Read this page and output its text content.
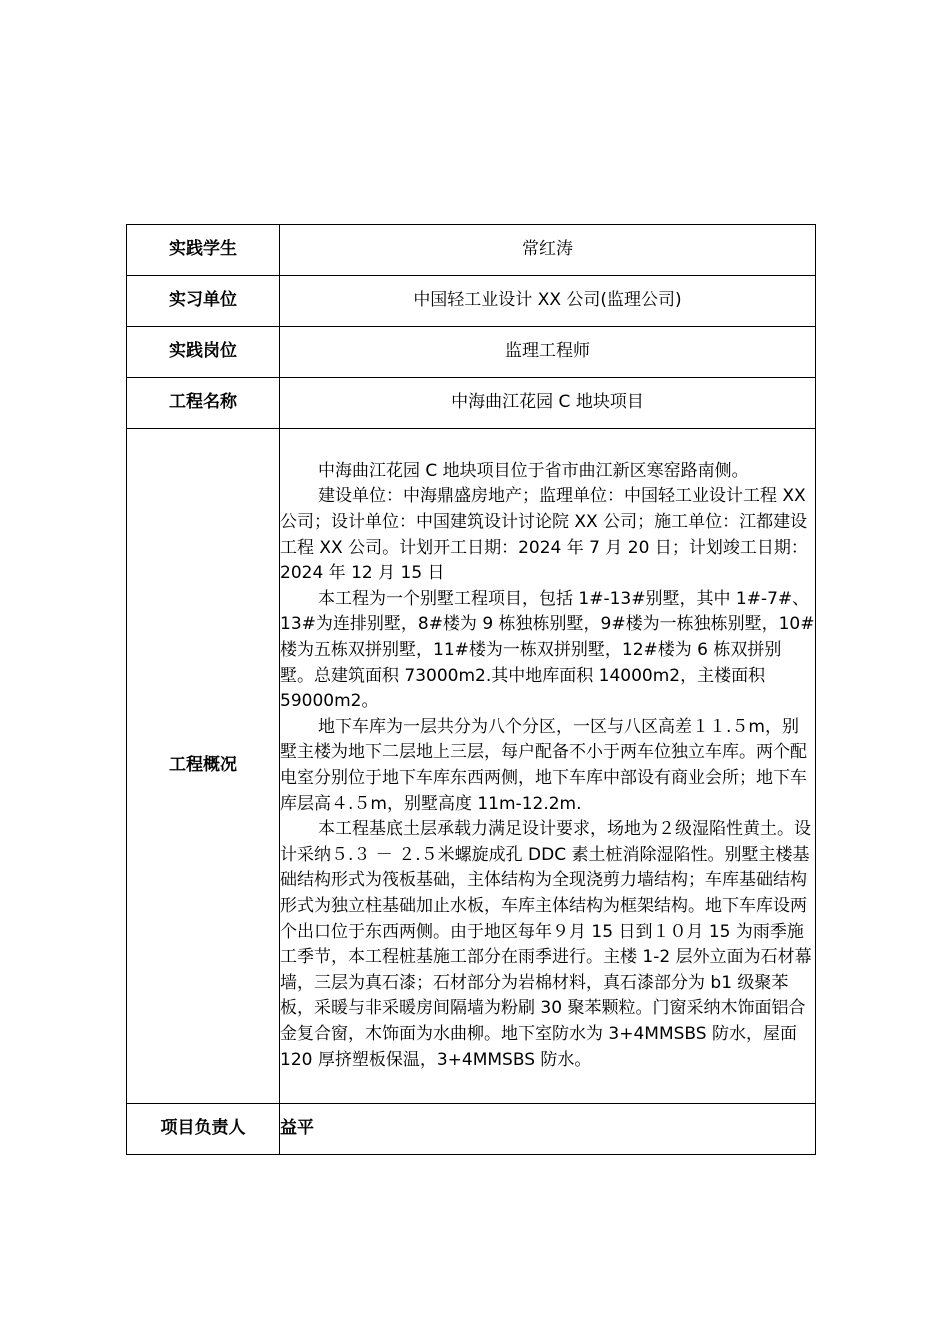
实践学生	常红涛
实习单位	中国轻工业设计 XX 公司(监理公司)
实践岗位	监理工程师
工程名称	中海曲江花园 C 地块项目
工程概况	中海曲江花园 C 地块项目位于省市曲江新区寒窑路南侧。

建设单位：中海鼎盛房地产；监理单位：中国轻工业设计工程 XX 公司；设计单位：中国建筑设计讨论院 XX 公司；施工单位：江都建设工程 XX 公司。计划开工日期：2024 年 7 月 20 日；计划竣工日期：2024 年 12 月 15 日

本工程为一个别墅工程项目，包括 1#-13#别墅，其中 1#-7#、13#为连排别墅，8#楼为 9 栋独栋别墅，9#楼为一栋独栋别墅，10#楼为五栋双拼别墅，11#楼为一栋双拼别墅，12#楼为 6 栋双拼别墅。总建筑面积 73000m2.其中地库面积 14000m2，主楼面积 59000m2。

地下车库为一层共分为八个分区，一区与八区高差１１.５m，别墅主楼为地下二层地上三层，每户配备不小于两车位独立车库。两个配电室分别位于地下车库东西两侧，地下车库中部设有商业会所；地下车库层高４.５m，别墅高度 11m-12.2m.

本工程基底土层承载力满足设计要求，场地为２级湿陷性黄土。设计采纳５.３ － ２.５米螺旋成孔 DDC 素土桩消除湿陷性。别墅主楼基础结构形式为筏板基础，主体结构为全现浇剪力墙结构；车库基础结构形式为独立柱基础加止水板，车库主体结构为框架结构。地下车库设两个出口位于东西两侧。由于地区每年９月 15 日到１０月 15 为雨季施工季节，本工程桩基施工部分在雨季进行。主楼 1-2 层外立面为石材幕墙，三层为真石漆；石材部分为岩棉材料，真石漆部分为 b1 级聚苯板，采暖与非采暖房间隔墙为粉刷 30 聚苯颗粒。门窗采纳木饰面铝合金复合窗，木饰面为水曲柳。地下室防水为 3+4MMSBS 防水，屋面 120 厚挤塑板保温，3+4MMSBS 防水。

项目负责人	益平
